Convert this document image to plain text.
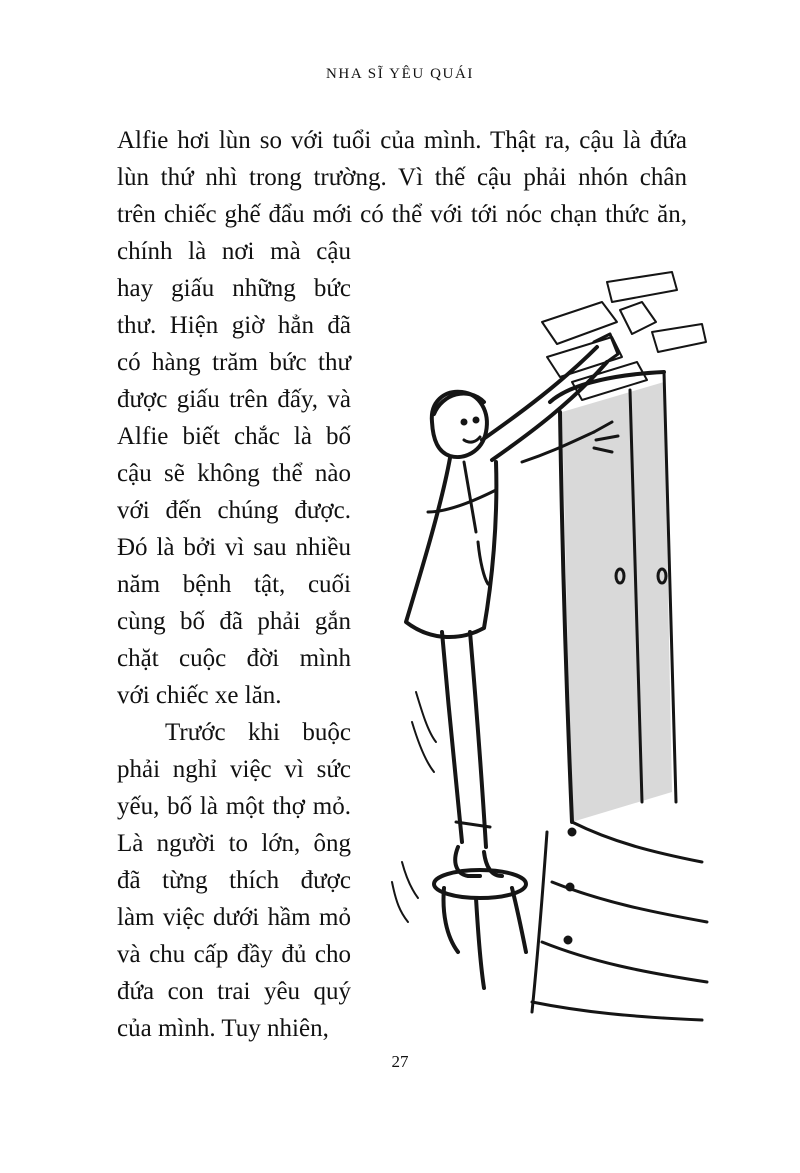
NHA SĨ YÊU QUÁI
Alfie hơi lùn so với tuổi của mình. Thật ra, cậu là đứa
lùn thứ nhì trong trường. Vì thế cậu phải nhón chân
trên chiếc ghế đẩu mới có thể với tới nóc chạn thức ăn,
chính là nơi mà cậu
hay giấu những bức
thư. Hiện giờ hẳn đã
có hàng trăm bức thư
được giấu trên đấy, và
Alfie biết chắc là bố
cậu sẽ không thể nào
với đến chúng được.
Đó là bởi vì sau nhiều
năm bệnh tật, cuối
cùng bố đã phải gắn
chặt cuộc đời mình
với chiếc xe lăn.
Trước khi buộc
phải nghỉ việc vì sức
yếu, bố là một thợ mỏ.
Là người to lớn, ông
đã từng thích được
làm việc dưới hầm mỏ
và chu cấp đầy đủ cho
đứa con trai yêu quý
của mình. Tuy nhiên,
27
